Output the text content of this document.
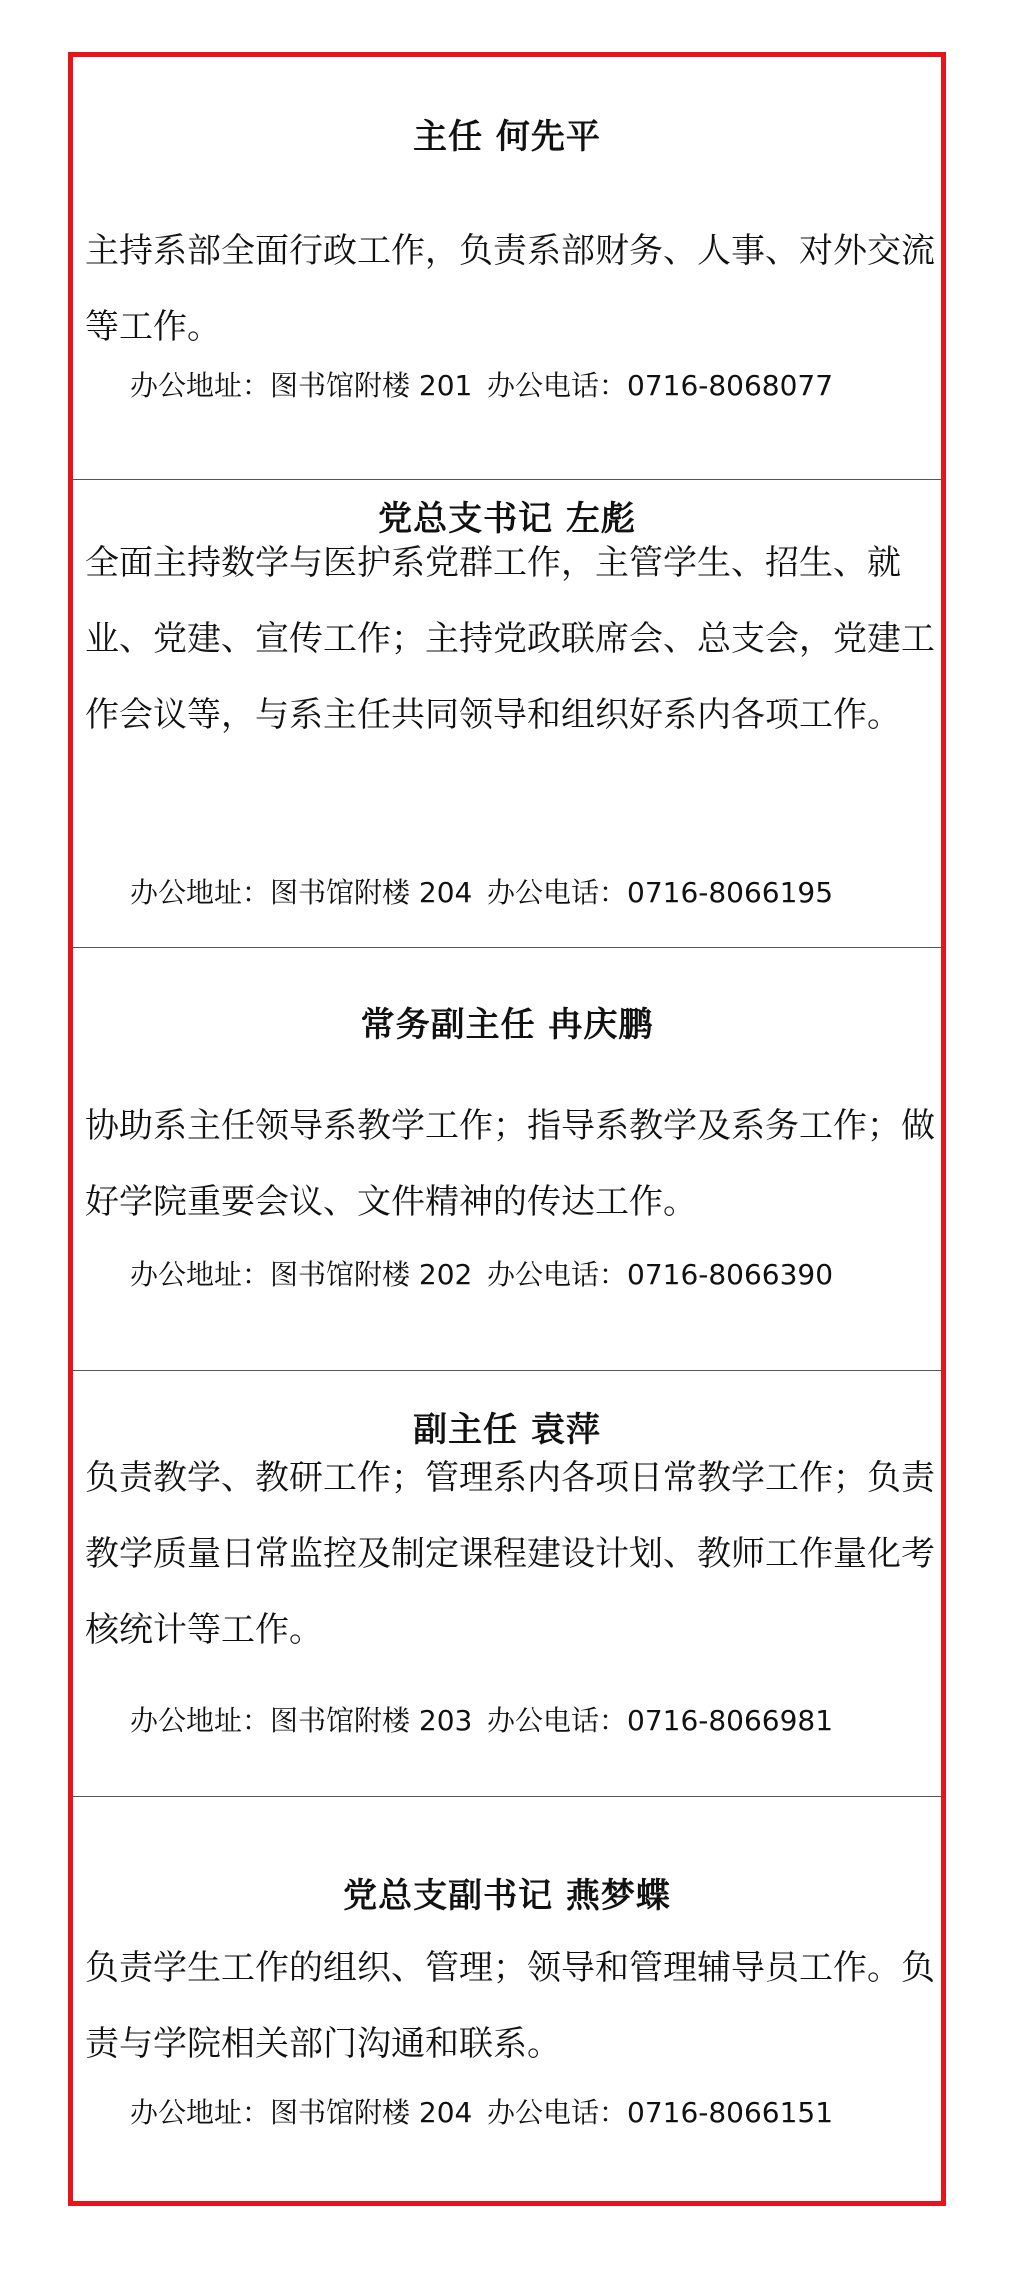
主任 何先平
主持系部全面行政工作，负责系部财务、人事、对外交流等工作。
办公地址：图书馆附楼 201 办公电话：0716-8068077
党总支书记 左彪
全面主持数学与医护系党群工作，主管学生、招生、就业、党建、宣传工作；主持党政联席会、总支会，党建工作会议等，与系主任共同领导和组织好系内各项工作。
办公地址：图书馆附楼 204 办公电话：0716-8066195
常务副主任 冉庆鹏
协助系主任领导系教学工作；指导系教学及系务工作；做好学院重要会议、文件精神的传达工作。
办公地址：图书馆附楼 202 办公电话：0716-8066390
副主任 袁萍
负责教学、教研工作；管理系内各项日常教学工作；负责教学质量日常监控及制定课程建设计划、教师工作量化考核统计等工作。
办公地址：图书馆附楼 203 办公电话：0716-8066981
党总支副书记 燕梦蝶
负责学生工作的组织、管理；领导和管理辅导员工作。负责与学院相关部门沟通和联系。
办公地址：图书馆附楼 204 办公电话：0716-8066151
